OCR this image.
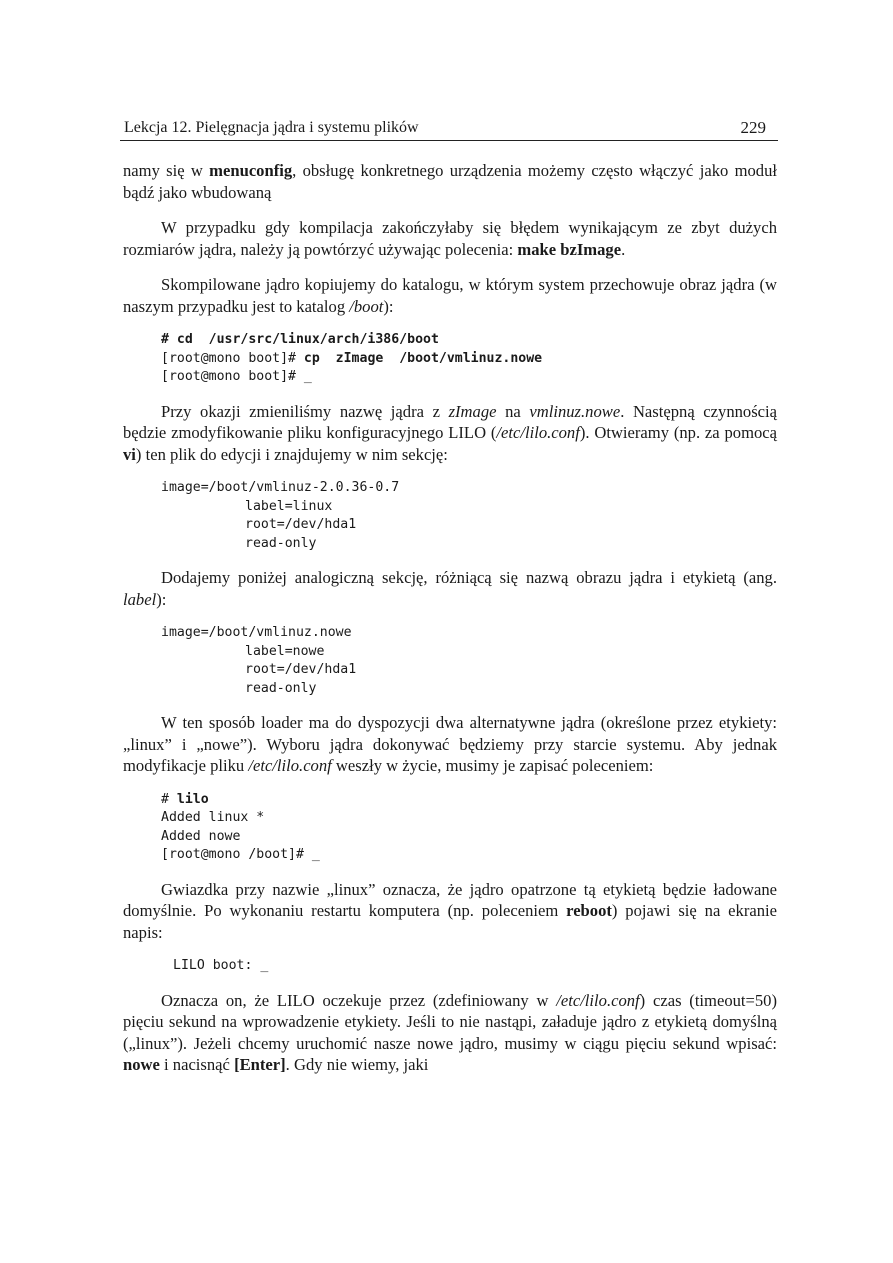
Lekcja 12. Pielęgnacja jądra i systemu plików	229

namy się w menuconfig, obsługę konkretnego urządzenia możemy często włączyć jako moduł bądź jako wbudowaną

W przypadku gdy kompilacja zakończyłaby się błędem wynikającym ze zbyt dużych rozmiarów jądra, należy ją powtórzyć używając polecenia: make bzImage.

Skompilowane jądro kopiujemy do katalogu, w którym system przechowuje obraz jądra (w naszym przypadku jest to katalog /boot):

# cd  /usr/src/linux/arch/i386/boot
[root@mono boot]# cp  zImage  /boot/vmlinuz.nowe
[root@mono boot]# _

Przy okazji zmieniliśmy nazwę jądra z zImage na vmlinuz.nowe. Następną czynnością będzie zmodyfikowanie pliku konfiguracyjnego LILO (/etc/lilo.conf). Otwieramy (np. za pomocą vi) ten plik do edycji i znajdujemy w nim sekcję:

image=/boot/vmlinuz-2.0.36-0.7
label=linux
root=/dev/hda1
read-only

Dodajemy poniżej analogiczną sekcję, różniącą się nazwą obrazu jądra i etykietą (ang. label):

image=/boot/vmlinuz.nowe
label=nowe
root=/dev/hda1
read-only

W ten sposób loader ma do dyspozycji dwa alternatywne jądra (określone przez etykiety: „linux” i „nowe”). Wyboru jądra dokonywać będziemy przy starcie systemu. Aby jednak modyfikacje pliku /etc/lilo.conf weszły w życie, musimy je zapisać poleceniem:

# lilo
Added linux *
Added nowe
[root@mono /boot]# _

Gwiazdka przy nazwie „linux” oznacza, że jądro opatrzone tą etykietą będzie ładowane domyślnie. Po wykonaniu restartu komputera (np. poleceniem reboot) pojawi się na ekranie napis:

LILO boot: _

Oznacza on, że LILO oczekuje przez (zdefiniowany w /etc/lilo.conf) czas (timeout=50) pięciu sekund na wprowadzenie etykiety. Jeśli to nie nastąpi, załaduje jądro z etykietą domyślną („linux”). Jeżeli chcemy uruchomić nasze nowe jądro, musimy w ciągu pięciu sekund wpisać: nowe i nacisnąć [Enter]. Gdy nie wiemy, jaki
